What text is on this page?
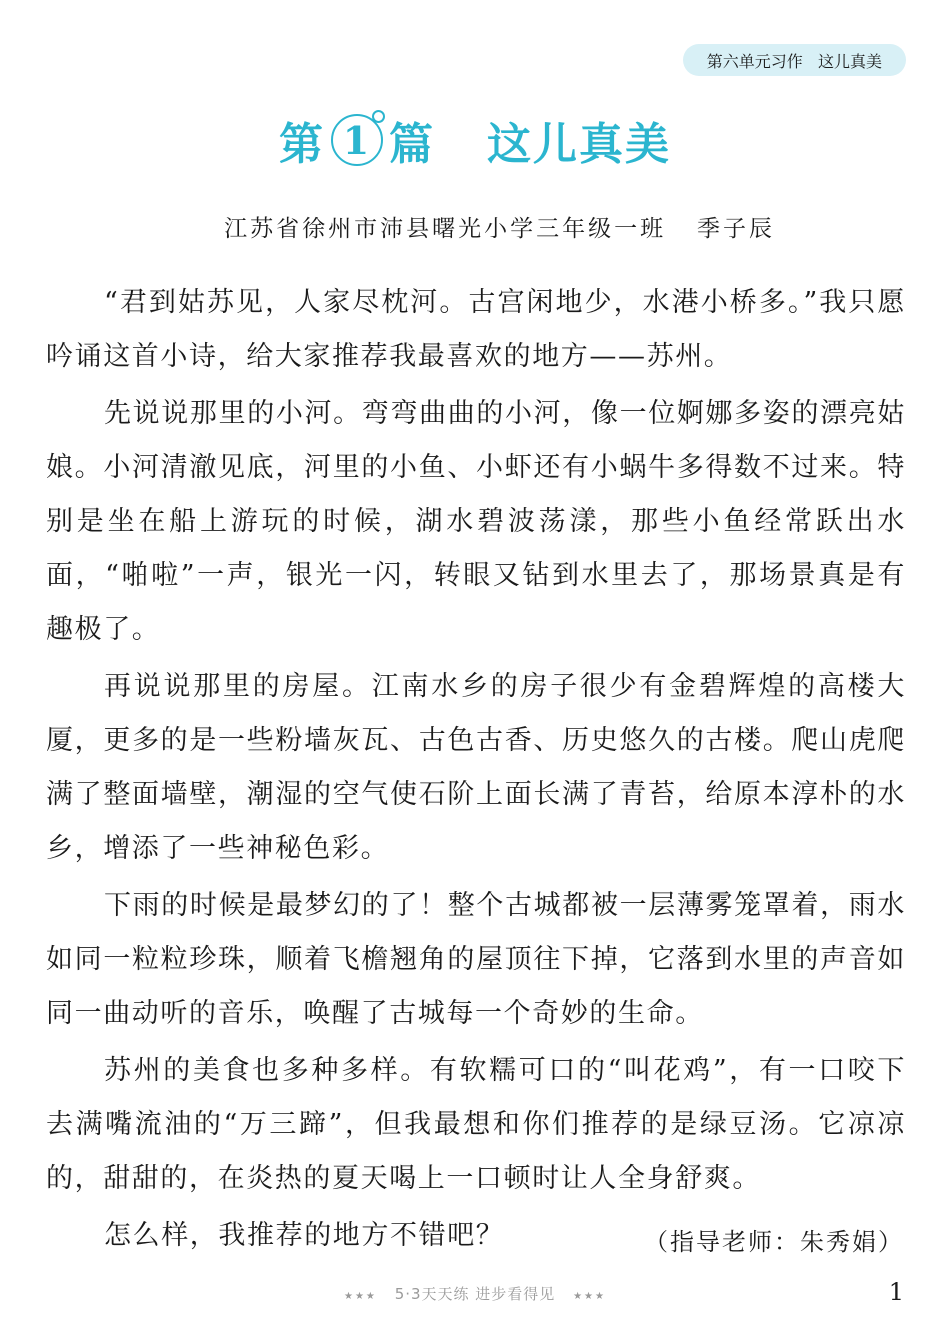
第六单元习作   这儿真美
第 1 篇 这儿真美
江苏省徐州市沛县曙光小学三年级一班   季子辰

“君到姑苏见，人家尽枕河。古宫闲地少，水港小桥多。”我只愿吟诵这首小诗，给大家推荐我最喜欢的地方——苏州。

先说说那里的小河。弯弯曲曲的小河，像一位婀娜多姿的漂亮姑娘。小河清澈见底，河里的小鱼、小虾还有小蜗牛多得数不过来。特别是坐在船上游玩的时候，湖水碧波荡漾，那些小鱼经常跃出水面，“啪啦”一声，银光一闪，转眼又钻到水里去了，那场景真是有趣极了。

再说说那里的房屋。江南水乡的房子很少有金碧辉煌的高楼大厦，更多的是一些粉墙灰瓦、古色古香、历史悠久的古楼。爬山虎爬满了整面墙壁，潮湿的空气使石阶上面长满了青苔，给原本淳朴的水乡，增添了一些神秘色彩。

下雨的时候是最梦幻的了！整个古城都被一层薄雾笼罩着，雨水如同一粒粒珍珠，顺着飞檐翘角的屋顶往下掉，它落到水里的声音如同一曲动听的音乐，唤醒了古城每一个奇妙的生命。

苏州的美食也多种多样。有软糯可口的“叫花鸡”，有一口咬下去满嘴流油的“万三蹄”，但我最想和你们推荐的是绿豆汤。它凉凉的，甜甜的，在炎热的夏天喝上一口顿时让人全身舒爽。

怎么样，我推荐的地方不错吧？	（指导老师：朱秀娟）
★★★ 5·3天天练 进步看得见 ★★★	1
